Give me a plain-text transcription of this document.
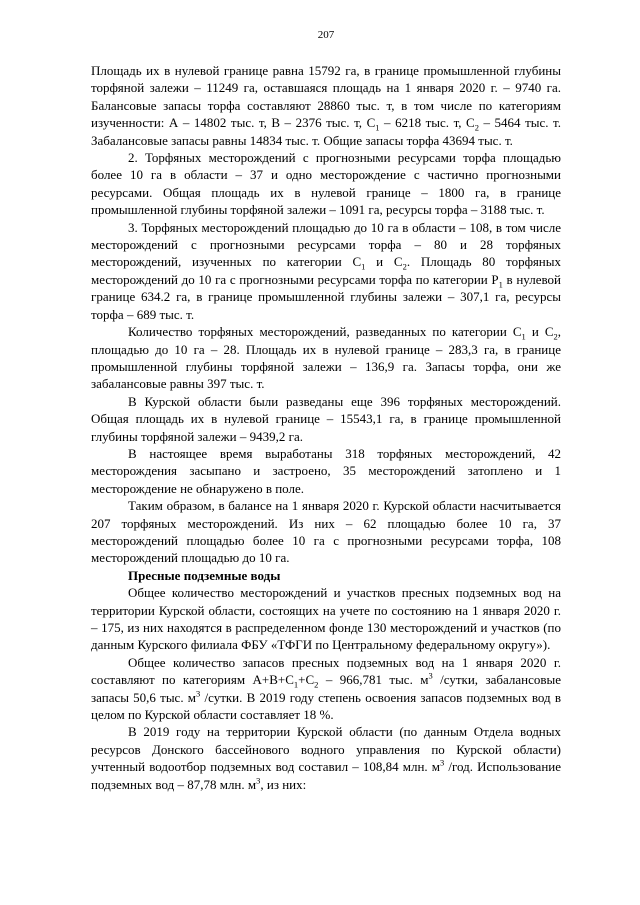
207

Площадь их в нулевой границе равна 15792 га, в границе промышленной глубины торфяной залежи – 11249 га, оставшаяся площадь на 1 января 2020 г. – 9740 га. Балансовые запасы торфа составляют 28860 тыс. т, в том числе по категориям изученности: А – 14802 тыс. т, В – 2376 тыс. т, $С_1 - 6218$ тыс. т, $С_2 - 5464$ тыс. т. Забалансовые запасы равны 14834 тыс. т. Общие запасы торфа 43694 тыс. т.

2. Торфяных месторождений с прогнозными ресурсами торфа площадью более 10 га в области – 37 и одно месторождение с частично прогнозными ресурсами. Общая площадь их в нулевой границе – 1800 га, в границе промышленной глубины торфяной залежи – 1091 га, ресурсы торфа – 3188 тыс. т.

3. Торфяных месторождений площадью до 10 га в области – 108, в том числе месторождений с прогнозными ресурсами торфа – 80 и 28 торфяных месторождений, изученных по категории $С_1$ и $С_2$. Площадь 80 торфяных месторождений до 10 га с прогнозными ресурсами торфа по категории $Р_1$ в нулевой границе 634.2 га, в границе промышленной глубины залежи – 307,1 га, ресурсы торфа – 689 тыс. т.

Количество торфяных месторождений, разведанных по категории $С_1$ и $С_2$, площадью до 10 га – 28. Площадь их в нулевой границе – 283,3 га, в границе промышленной глубины торфяной залежи – 136,9 га. Запасы торфа, они же забалансовые равны 397 тыс. т.

В Курской области были разведаны еще 396 торфяных месторождений. Общая площадь их в нулевой границе – 15543,1 га, в границе промышленной глубины торфяной залежи – 9439,2 га.

В настоящее время выработаны 318 торфяных месторождений, 42 месторождения засыпано и застроено, 35 месторождений затоплено и 1 месторождение не обнаружено в поле.

Таким образом, в балансе на 1 января 2020 г. Курской области насчитывается 207 торфяных месторождений. Из них – 62 площадью более 10 га, 37 месторождений площадью более 10 га с прогнозными ресурсами торфа, 108 месторождений площадью до 10 га.

Пресные подземные воды

Общее количество месторождений и участков пресных подземных вод на территории Курской области, состоящих на учете по состоянию на 1 января 2020 г. – 175, из них находятся в распределенном фонде 130 месторождений и участков (по данным Курского филиала ФБУ «ТФГИ по Центральному федеральному округу»).

Общее количество запасов пресных подземных вод на 1 января 2020 г. составляют по категориям $А+В+С_1+С_2 - 966,781$ тыс. $м^3$ /сутки, забалансовые запасы 50,6 тыс. $м^3$ /сутки. В 2019 году степень освоения запасов подземных вод в целом по Курской области составляет 18 %.

В 2019 году на территории Курской области (по данным Отдела водных ресурсов Донского бассейнового водного управления по Курской области) учтенный водоотбор подземных вод составил – 108,84 млн. $м^3$ /год. Использование подземных вод – 87,78 млн. $м^3$, из них:
